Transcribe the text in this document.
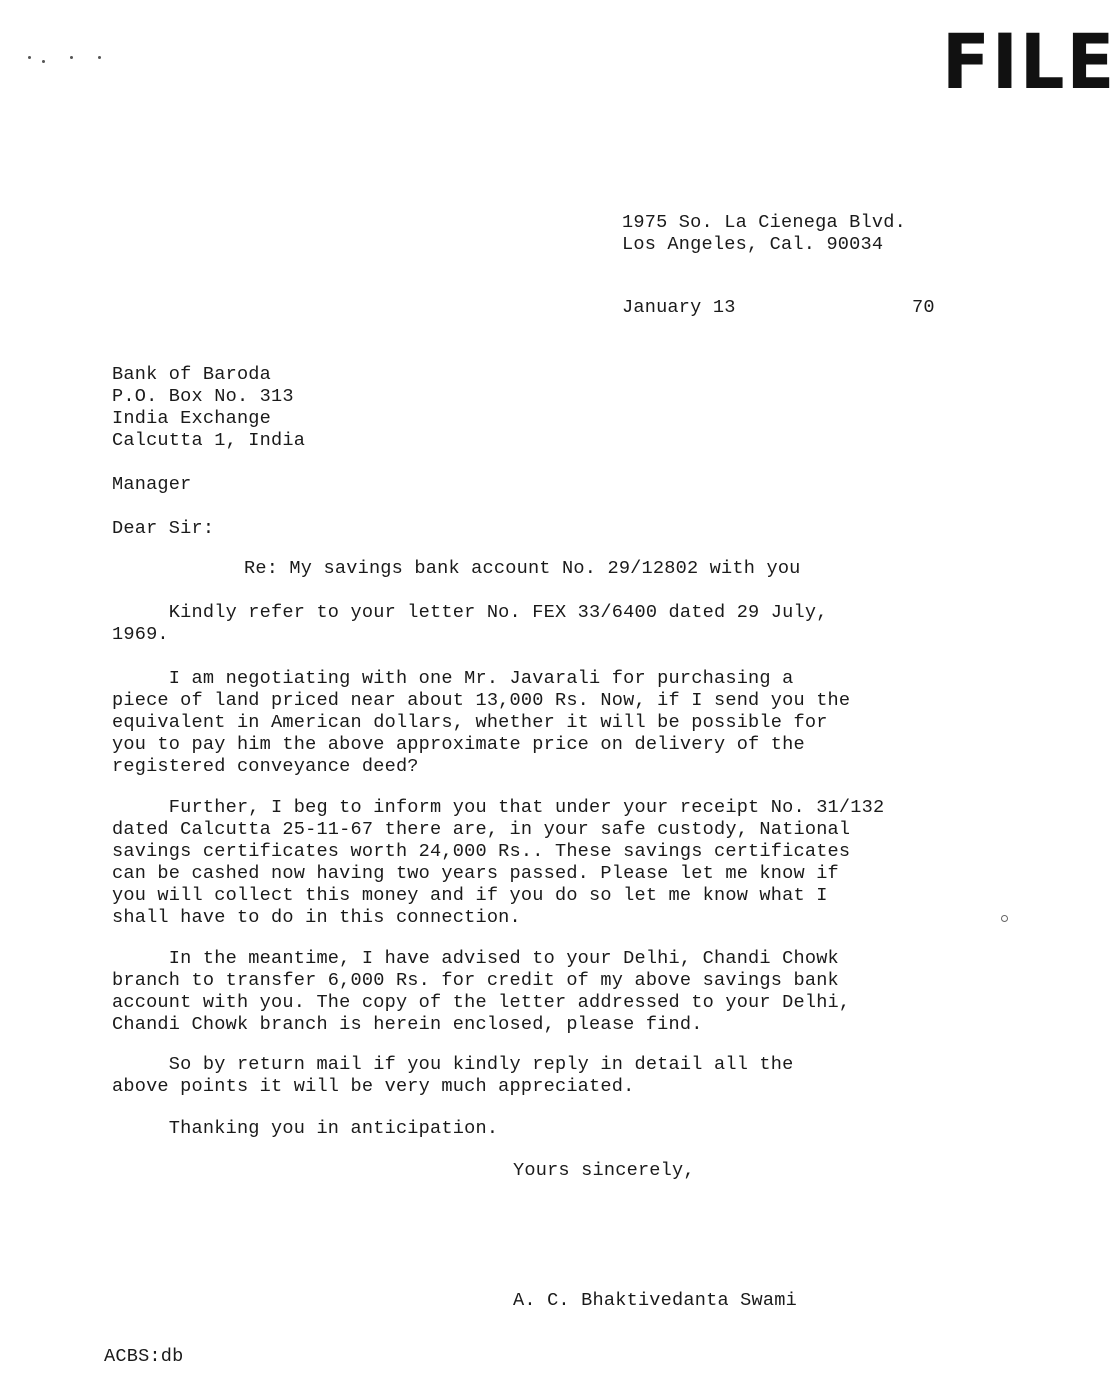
FILE
1975 So. La Cienega Blvd.
Los Angeles, Cal. 90034
January 13	70
Bank of Baroda
P.O. Box No. 313
India Exchange
Calcutta 1, India
Manager
Dear Sir:
Re: My savings bank account No. 29/12802 with you
Kindly refer to your letter No. FEX 33/6400 dated 29 July,
1969.
I am negotiating with one Mr. Javarali for purchasing a
piece of land priced near about 13,000 Rs. Now, if I send you the
equivalent in American dollars, whether it will be possible for
you to pay him the above approximate price on delivery of the
registered conveyance deed?
Further, I beg to inform you that under your receipt No. 31/132
dated Calcutta 25-11-67 there are, in your safe custody, National
savings certificates worth 24,000 Rs.. These savings certificates
can be cashed now having two years passed. Please let me know if
you will collect this money and if you do so let me know what I
shall have to do in this connection.
In the meantime, I have advised to your Delhi, Chandi Chowk
branch to transfer 6,000 Rs. for credit of my above savings bank
account with you. The copy of the letter addressed to your Delhi,
Chandi Chowk branch is herein enclosed, please find.
So by return mail if you kindly reply in detail all the
above points it will be very much appreciated.
Thanking you in anticipation.
Yours sincerely,
A. C. Bhaktivedanta Swami
ACBS:db
